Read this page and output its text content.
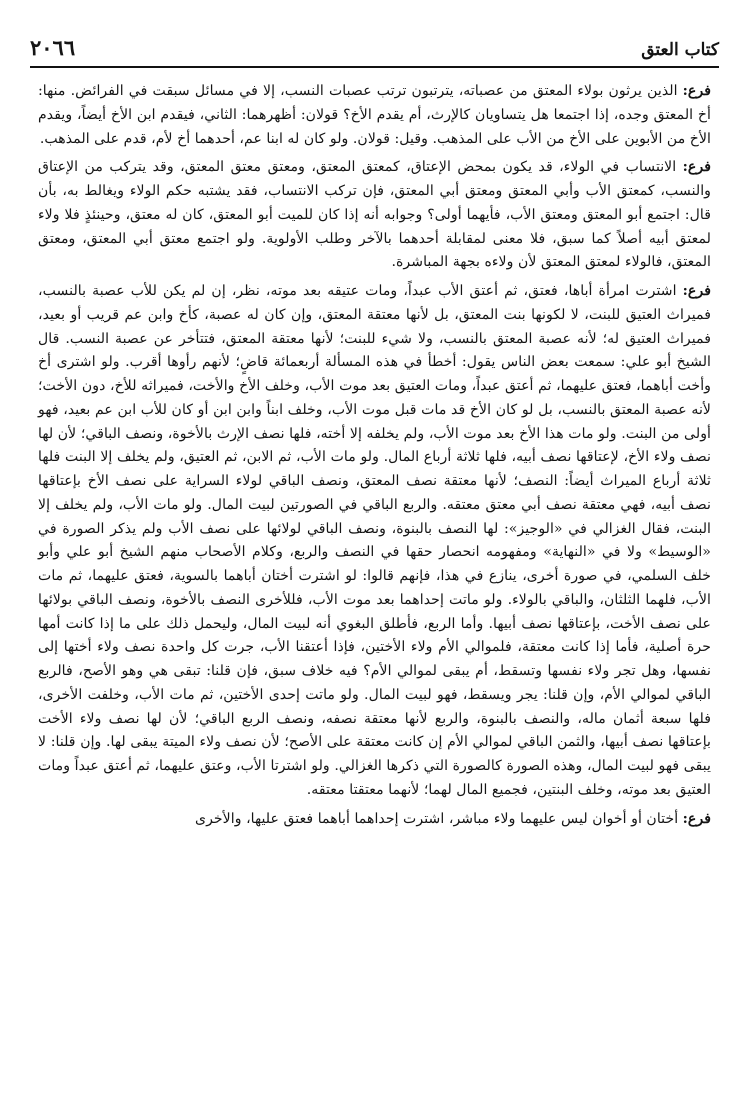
٢٠٦٦	كتاب العتق

فرع: الذين يرثون بولاء المعتق من عصباته، يترتبون ترتب عصبات النسب، إلا في مسائل سبقت في الفرائض. منها: أخ المعتق وجده، إذا اجتمعا هل يتساويان كالإرث، أم يقدم الأخ؟ قولان: أظهرهما: الثاني، فيقدم ابن الأخ أيضاً، ويقدم الأخ من الأبوين على الأخ من الأب على المذهب. وقيل: قولان. ولو كان له ابنا عم، أحدهما أخ لأم، قدم على المذهب.

فرع: الانتساب في الولاء، قد يكون بمحض الإعتاق، كمعتق المعتق، ومعتق معتق المعتق، وقد يتركب من الإعتاق والنسب، كمعتق الأب وأبي المعتق ومعتق أبي المعتق، فإن تركب الانتساب، فقد يشتبه حكم الولاء ويغالط به، بأن قال: اجتمع أبو المعتق ومعتق الأب، فأيهما أولى؟ وجوابه أنه إذا كان للميت أبو المعتق، كان له معتق، وحينئذٍ فلا ولاء لمعتق أبيه أصلاً كما سبق، فلا معنى لمقابلة أحدهما بالآخر وطلب الأولوية. ولو اجتمع معتق أبي المعتق، ومعتق المعتق، فالولاء لمعتق المعتق لأن ولاءه بجهة المباشرة.

فرع: اشترت امرأة أباها، فعتق، ثم أعتق الأب عبداً، ومات عتيقه بعد موته، نظر، إن لم يكن للأب عصبة بالنسب، فميراث العتيق للبنت، لا لكونها بنت المعتق، بل لأنها معتقة المعتق، وإن كان له عصبة، كأخ وابن عم قريب أو بعيد، فميراث العتيق له؛ لأنه عصبة المعتق بالنسب، ولا شيء للبنت؛ لأنها معتقة المعتق، فتتأخر عن عصبة النسب. قال الشيخ أبو علي: سمعت بعض الناس يقول: أخطأ في هذه المسألة أربعمائة قاضٍ؛ لأنهم رأوها أقرب. ولو اشترى أخ وأخت أباهما، فعتق عليهما، ثم أعتق عبداً، ومات العتيق بعد موت الأب، وخلف الأخ والأخت، فميراثه للأخ، دون الأخت؛ لأنه عصبة المعتق بالنسب، بل لو كان الأخ قد مات قبل موت الأب، وخلف ابناً وابن ابن أو كان للأب ابن عم بعيد، فهو أولى من البنت. ولو مات هذا الأخ بعد موت الأب، ولم يخلفه إلا أخته، فلها نصف الإرث بالأخوة، ونصف الباقي؛ لأن لها نصف ولاء الأخ، لإعتاقها نصف أبيه، فلها ثلاثة أرباع المال. ولو مات الأب، ثم الابن، ثم العتيق، ولم يخلف إلا البنت فلها ثلاثة أرباع الميراث أيضاً: النصف؛ لأنها معتقة نصف المعتق، ونصف الباقي لولاء السراية على نصف الأخ بإعتاقها نصف أبيه، فهي معتقة نصف أبي معتق معتقه. والربع الباقي في الصورتين لبيت المال. ولو مات الأب، ولم يخلف إلا البنت، فقال الغزالي في «الوجيز»: لها النصف بالبنوة، ونصف الباقي لولائها على نصف الأب ولم يذكر الصورة في «الوسيط» ولا في «النهاية» ومفهومه انحصار حقها في النصف والربع، وكلام الأصحاب منهم الشيخ أبو علي وأبو خلف السلمي، في صورة أخرى، ينازع في هذا، فإنهم قالوا: لو اشترت أختان أباهما بالسوية، فعتق عليهما، ثم مات الأب، فلهما الثلثان، والباقي بالولاء. ولو ماتت إحداهما بعد موت الأب، فللأخرى النصف بالأخوة، ونصف الباقي بولائها على نصف الأخت، بإعتاقها نصف أبيها. وأما الربع، فأطلق البغوي أنه لبيت المال، وليحمل ذلك على ما إذا كانت أمها حرة أصلية، فأما إذا كانت معتقة، فلموالي الأم ولاء الأختين، فإذا أعتقنا الأب، جرت كل واحدة نصف ولاء أختها إلى نفسها، وهل تجر ولاء نفسها وتسقط، أم يبقى لموالي الأم؟ فيه خلاف سبق، فإن قلنا: تبقى هي وهو الأصح، فالربع الباقي لموالي الأم، وإن قلنا: يجر ويسقط، فهو لبيت المال. ولو ماتت إحدى الأختين، ثم مات الأب، وخلفت الأخرى، فلها سبعة أثمان ماله، والنصف بالبنوة، والربع لأنها معتقة نصفه، ونصف الربع الباقي؛ لأن لها نصف ولاء الأخت بإعتاقها نصف أبيها، والثمن الباقي لموالي الأم إن كانت معتقة على الأصح؛ لأن نصف ولاء الميتة يبقى لها. وإن قلنا: لا يبقى فهو لبيت المال، وهذه الصورة كالصورة التي ذكرها الغزالي. ولو اشترتا الأب، وعتق عليهما، ثم أعتق عبداً ومات العتيق بعد موته، وخلف البنتين، فجميع المال لهما؛ لأنهما معتقتا معتقه.

فرع: أختان أو أخوان ليس عليهما ولاء مباشر، اشترت إحداهما أباهما فعتق عليها، والأخرى
